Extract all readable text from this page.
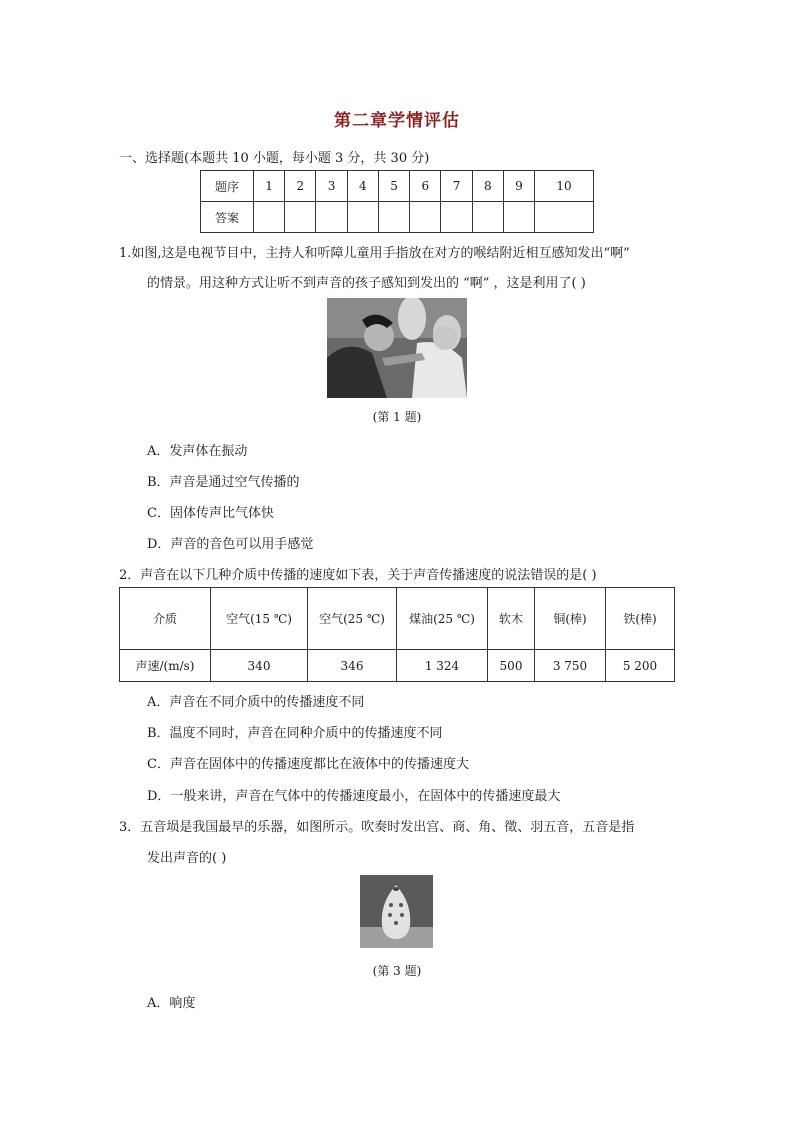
第二章学情评估
一、选择题(本题共 10 小题，每小题 3 分，共 30 分)
题序	1	2	3	4	5	6	7	8	9	10
答案										
1.如图,这是电视节目中，主持人和听障儿童用手指放在对方的喉结附近相互感知发出“啊”
的情景。用这种方式让听不到声音的孩子感知到发出的 “啊” ，这是利用了( )
(第 1 题)
A．发声体在振动
B．声音是通过空气传播的
C．固体传声比气体快
D．声音的音色可以用手感觉
2．声音在以下几种介质中传播的速度如下表，关于声音传播速度的说法错误的是( )
介质	空气(15 ℃)	空气(25 ℃)	煤油(25 ℃)	软木	铜(棒)	铁(棒)
声速/(m/s)	340	346	1 324	500	3 750	5 200
A．声音在不同介质中的传播速度不同
B．温度不同时，声音在同种介质中的传播速度不同
C．声音在固体中的传播速度都比在液体中的传播速度大
D．一般来讲，声音在气体中的传播速度最小，在固体中的传播速度最大
3．五音埙是我国最早的乐器，如图所示。吹奏时发出宫、商、角、徵、羽五音，五音是指
发出声音的( )
(第 3 题)
A．响度
